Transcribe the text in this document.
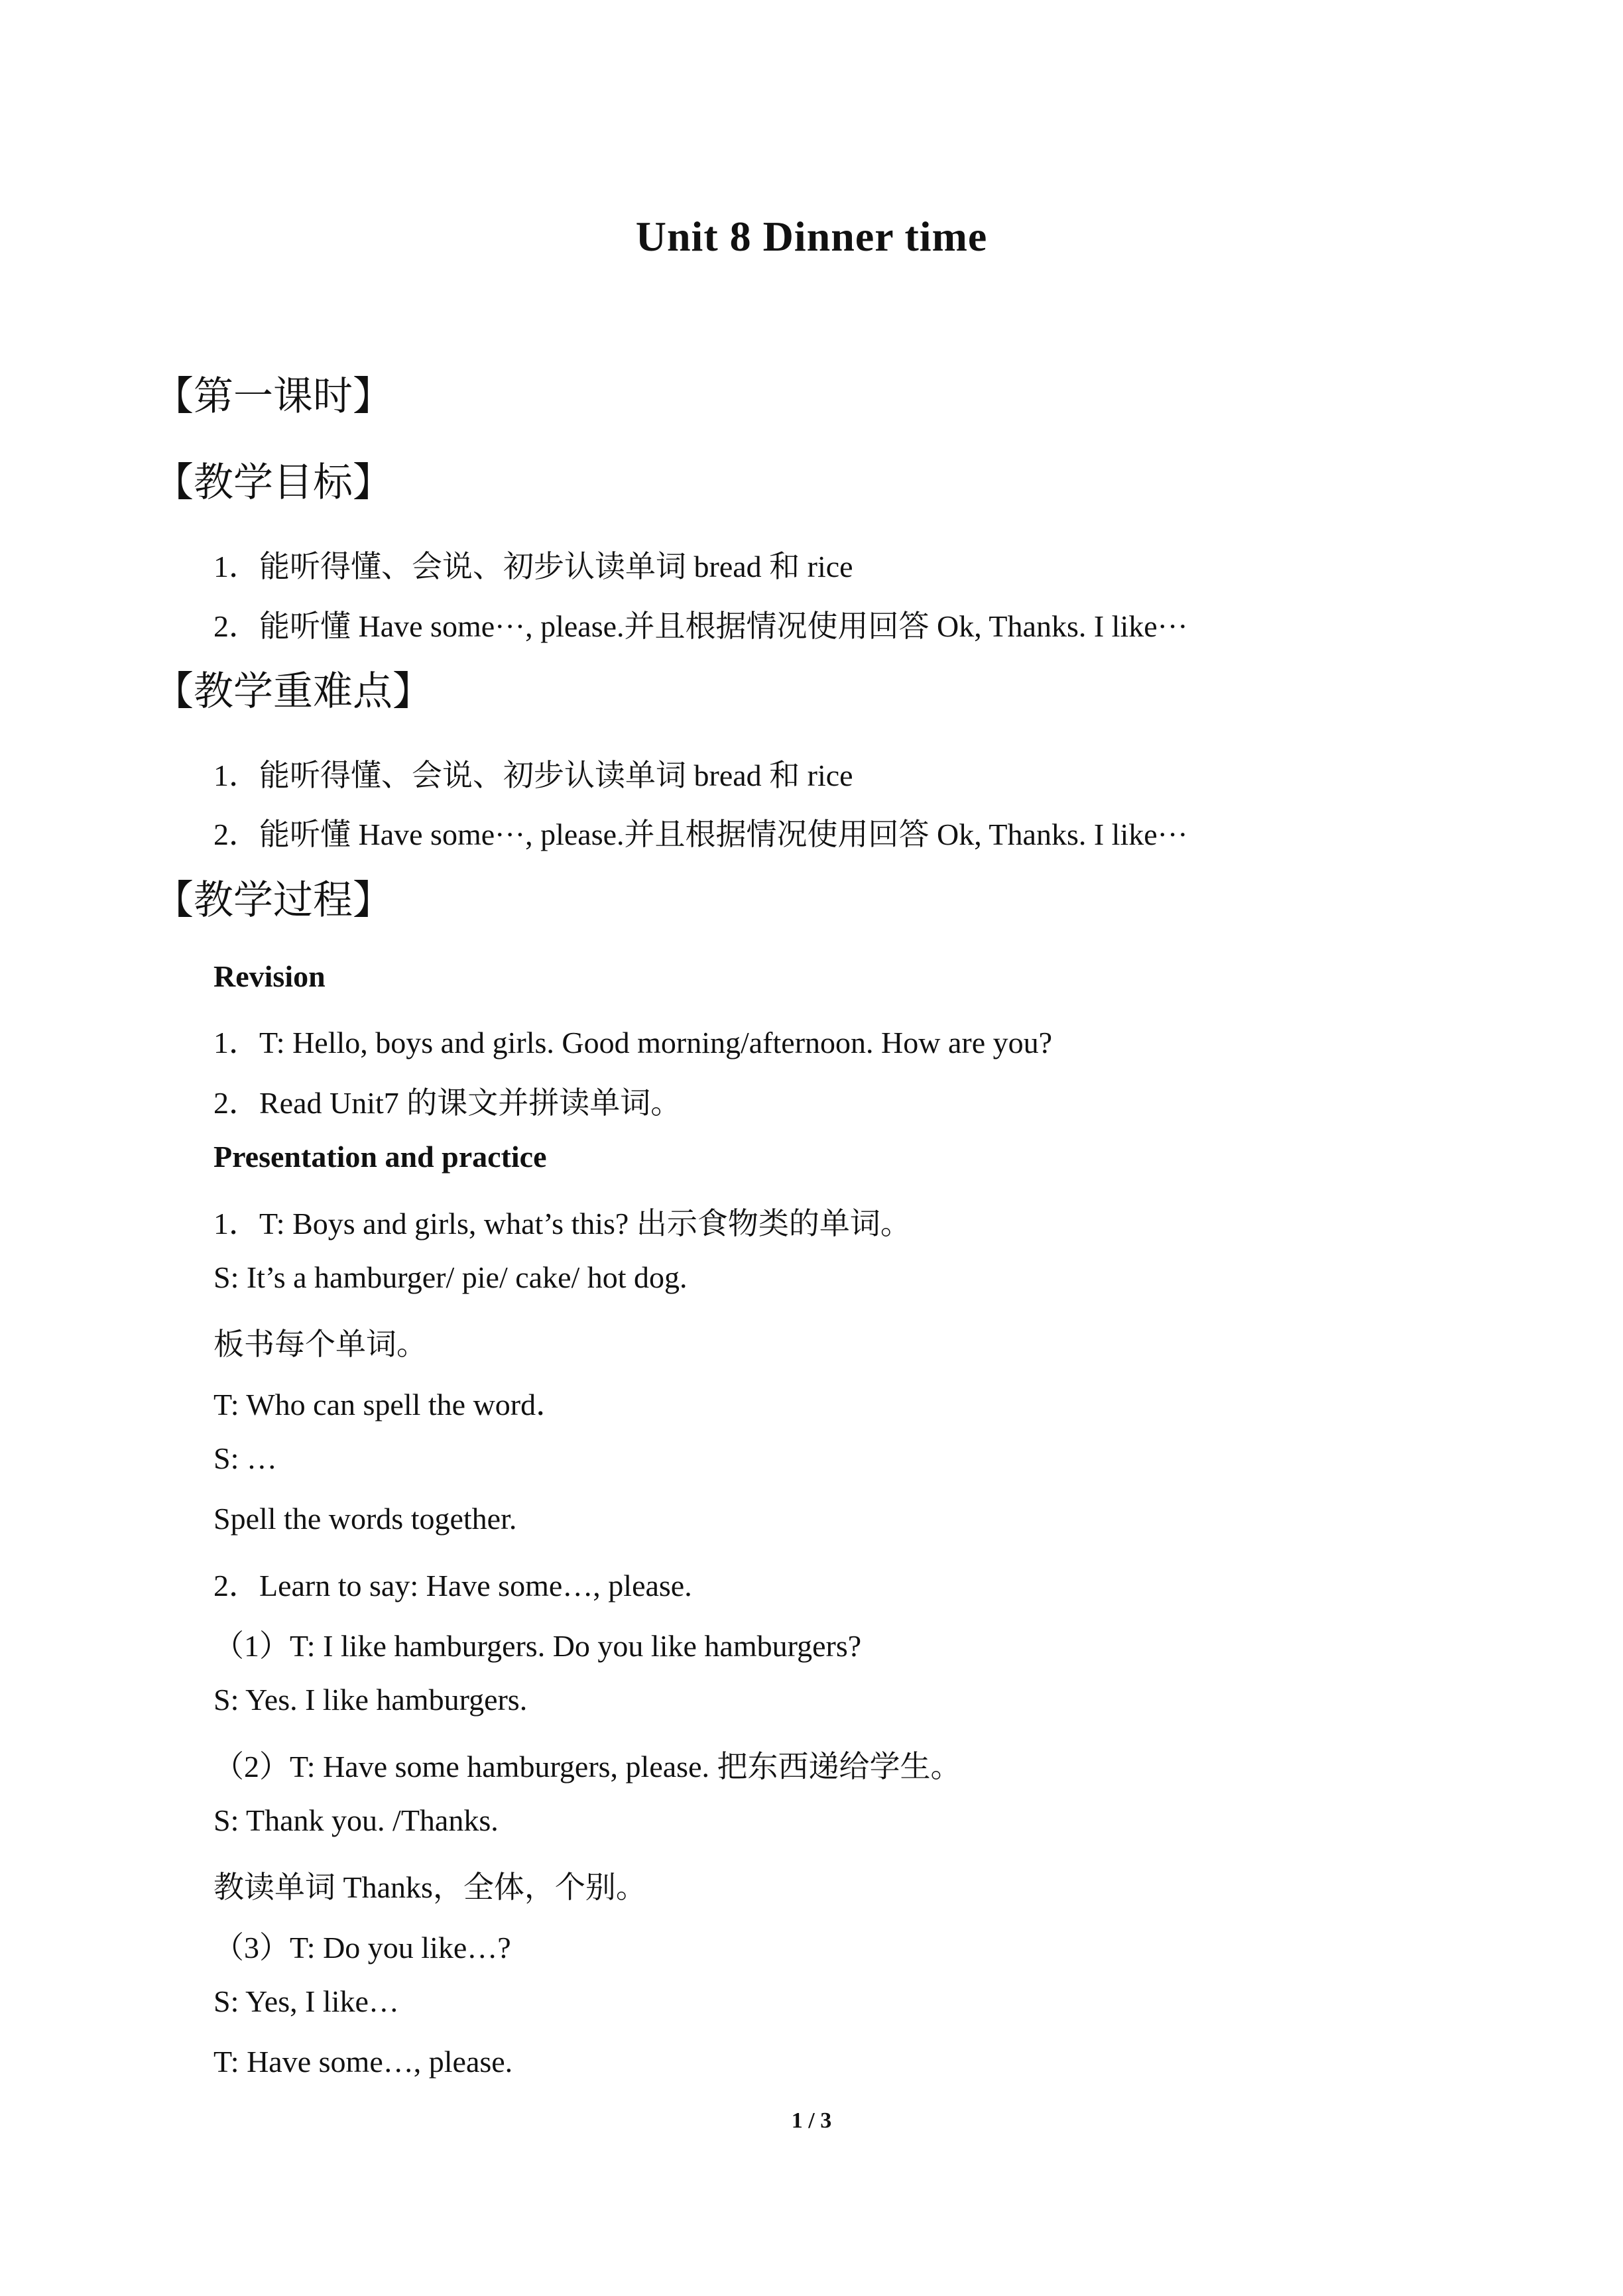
Unit 8 Dinner time
【第一课时】
【教学目标】
1．能听得懂、会说、初步认读单词 bread 和 rice
2．能听懂 Have some···, please.并且根据情况使用回答 Ok, Thanks. I like···
【教学重难点】
1．能听得懂、会说、初步认读单词 bread 和 rice
2．能听懂 Have some···, please.并且根据情况使用回答 Ok, Thanks. I like···
【教学过程】
Revision
1．T: Hello, boys and girls. Good morning/afternoon. How are you?
2．Read Unit7 的课文并拼读单词。
Presentation and practice
1．T: Boys and girls, what’s this? 出示食物类的单词。
S: It’s a hamburger/ pie/ cake/ hot dog.
板书每个单词。
T: Who can spell the word．
S: …
Spell the words together.
2．Learn to say: Have some…, please.
（1）T: I like hamburgers. Do you like hamburgers?
S: Yes. I like hamburgers.
（2）T: Have some hamburgers, please. 把东西递给学生。
S: Thank you. /Thanks.
教读单词 Thanks，全体，个别。
（3）T: Do you like…?
S: Yes, I like…
T: Have some…, please.
1 / 3
